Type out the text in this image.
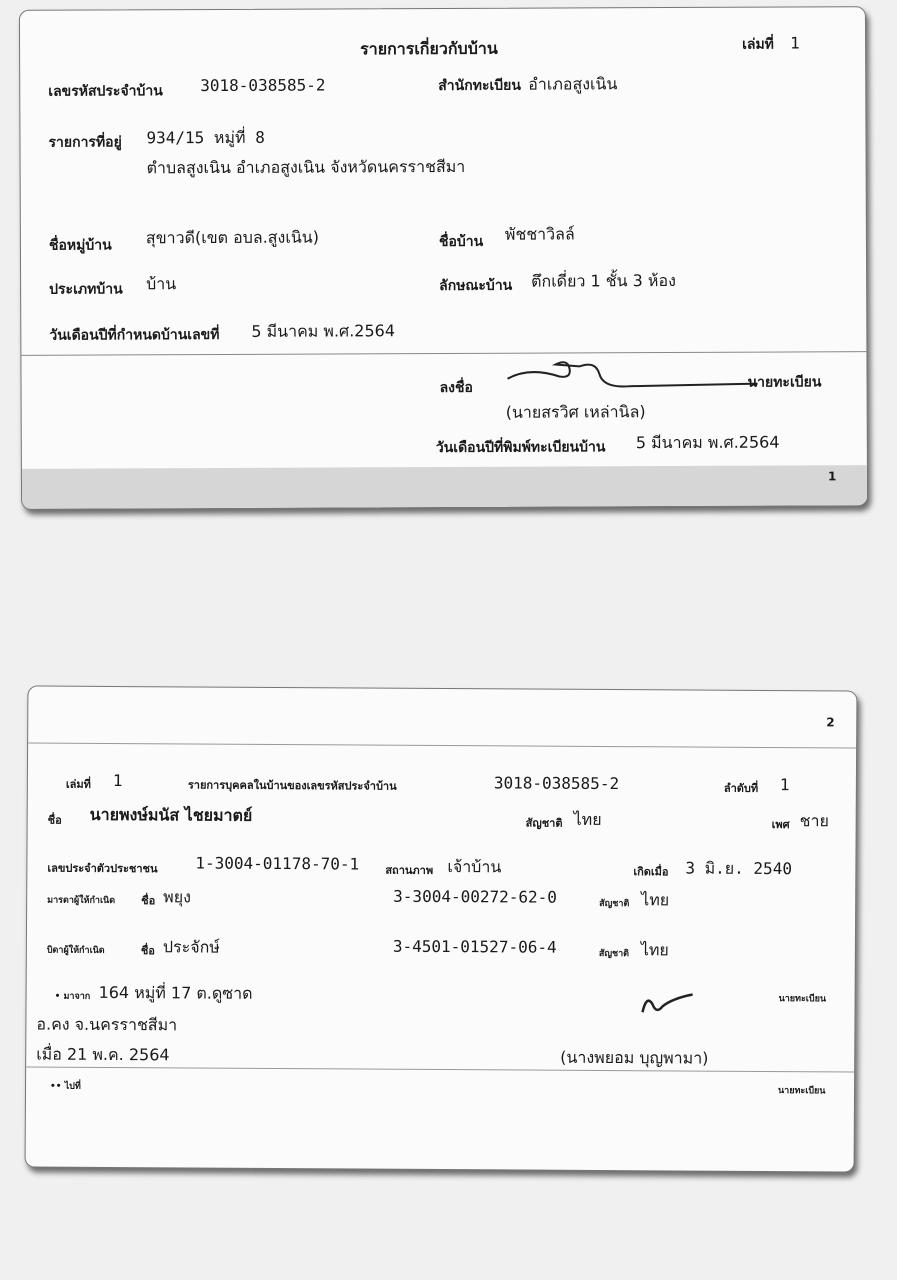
รายการเกี่ยวกับบ้าน	เล่มที่ 1
เลขรหัสประจำบ้าน 3018-038585-2	สำนักทะเบียน อำเภอสูงเนิน
รายการที่อยู่ 934/15 หมู่ที่ 8
ตำบลสูงเนิน อำเภอสูงเนิน จังหวัดนครราชสีมา
ชื่อหมู่บ้าน สุขาวดี(เขต อบล.สูงเนิน)	ชื่อบ้าน พัชชาวิลล์
ประเภทบ้าน บ้าน	ลักษณะบ้าน ตึกเดี่ยว 1 ชั้น 3 ห้อง
วันเดือนปีที่กำหนดบ้านเลขที่ 5 มีนาคม พ.ศ.2564
ลงชื่อ	นายทะเบียน
(นายสรวิศ เหล่านิล)
วันเดือนปีที่พิมพ์ทะเบียนบ้าน 5 มีนาคม พ.ศ.2564
1
2
เล่มที่ 1	รายการบุคคลในบ้านของเลขรหัสประจำบ้าน	3018-038585-2	ลำดับที่ 1
ชื่อ นายพงษ์มนัส ไชยมาตย์	สัญชาติ ไทย	เพศ ชาย
เลขประจำตัวประชาชน 1-3004-01178-70-1 สถานภาพ เจ้าบ้าน	เกิดเมื่อ 3 มิ.ย. 2540
มารดาผู้ให้กำเนิด ชื่อ พยุง	3-3004-00272-62-0	สัญชาติ ไทย
บิดาผู้ให้กำเนิด	ชื่อ ประจักษ์	3-4501-01527-06-4	สัญชาติ ไทย
• มาจาก 164 หมู่ที่ 17 ต.ดูซาด	นายทะเบียน
อ.คง จ.นครราชสีมา
เมื่อ 21 พ.ค. 2564	(นางพยอม บุญพามา)
•• ไปที่	นายทะเบียน
